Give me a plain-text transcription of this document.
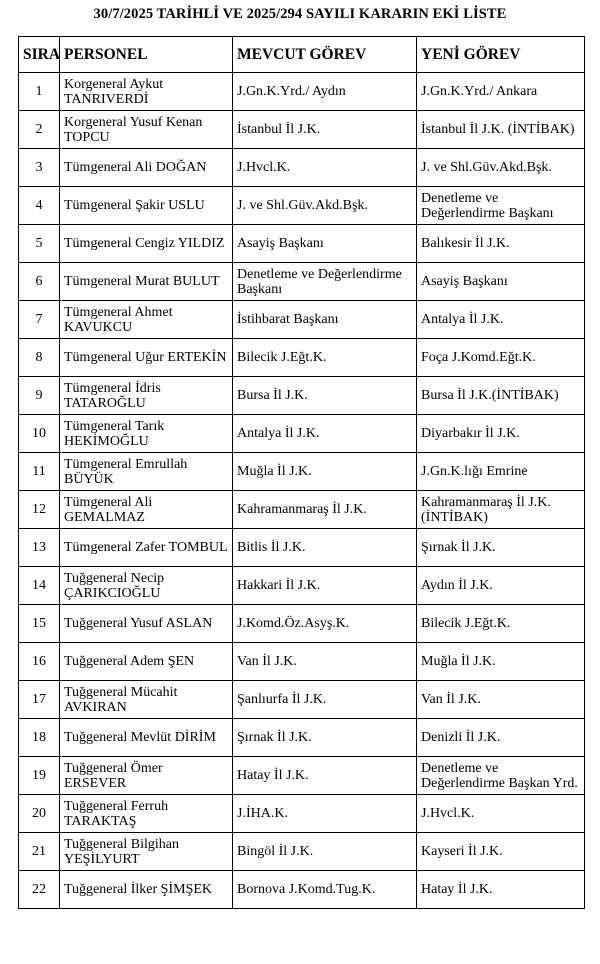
30/7/2025 TARİHLİ VE 2025/294 SAYILI KARARIN EKİ LİSTE
SIRA	PERSONEL	MEVCUT GÖREV	YENİ GÖREV
1	Korgeneral Aykut TANRIVERDİ	J.Gn.K.Yrd./ Aydın	J.Gn.K.Yrd./ Ankara
2	Korgeneral Yusuf Kenan TOPCU	İstanbul İl J.K.	İstanbul İl J.K. (İNTİBAK)
3	Tümgeneral Ali DOĞAN	J.Hvcl.K.	J. ve Shl.Güv.Akd.Bşk.
4	Tümgeneral Şakir USLU	J. ve Shl.Güv.Akd.Bşk.	Denetleme ve Değerlendirme Başkanı
5	Tümgeneral Cengiz YILDIZ	Asayiş Başkanı	Balıkesir İl J.K.
6	Tümgeneral Murat BULUT	Denetleme ve Değerlendirme Başkanı	Asayiş Başkanı
7	Tümgeneral Ahmet KAVUKCU	İstihbarat Başkanı	Antalya İl J.K.
8	Tümgeneral Uğur ERTEKİN	Bilecik J.Eğt.K.	Foça J.Komd.Eğt.K.
9	Tümgeneral İdris TATAROĞLU	Bursa İl J.K.	Bursa İl J.K.(İNTİBAK)
10	Tümgeneral Tarık HEKİMOĞLU	Antalya İl J.K.	Diyarbakır İl J.K.
11	Tümgeneral Emrullah BÜYÜK	Muğla İl J.K.	J.Gn.K.lığı Emrine
12	Tümgeneral Ali GEMALMAZ	Kahramanmaraş İl J.K.	Kahramanmaraş İl J.K. (İNTİBAK)
13	Tümgeneral Zafer TOMBUL	Bitlis İl J.K.	Şırnak İl J.K.
14	Tuğgeneral Necip ÇARIKCIOĞLU	Hakkari İl J.K.	Aydın İl J.K.
15	Tuğgeneral Yusuf ASLAN	J.Komd.Öz.Asyş.K.	Bilecik J.Eğt.K.
16	Tuğgeneral Adem ŞEN	Van İl J.K.	Muğla İl J.K.
17	Tuğgeneral Mücahit AVKIRAN	Şanlıurfa İl J.K.	Van İl J.K.
18	Tuğgeneral Mevlüt DİRİM	Şırnak İl J.K.	Denizli İl J.K.
19	Tuğgeneral Ömer ERSEVER	Hatay İl J.K.	Denetleme ve Değerlendirme Başkan Yrd.
20	Tuğgeneral Ferruh TARAKTAŞ	J.İHA.K.	J.Hvcl.K.
21	Tuğgeneral Bilgihan YEŞİLYURT	Bingöl İl J.K.	Kayseri İl J.K.
22	Tuğgeneral İlker ŞİMŞEK	Bornova J.Komd.Tug.K.	Hatay İl J.K.
